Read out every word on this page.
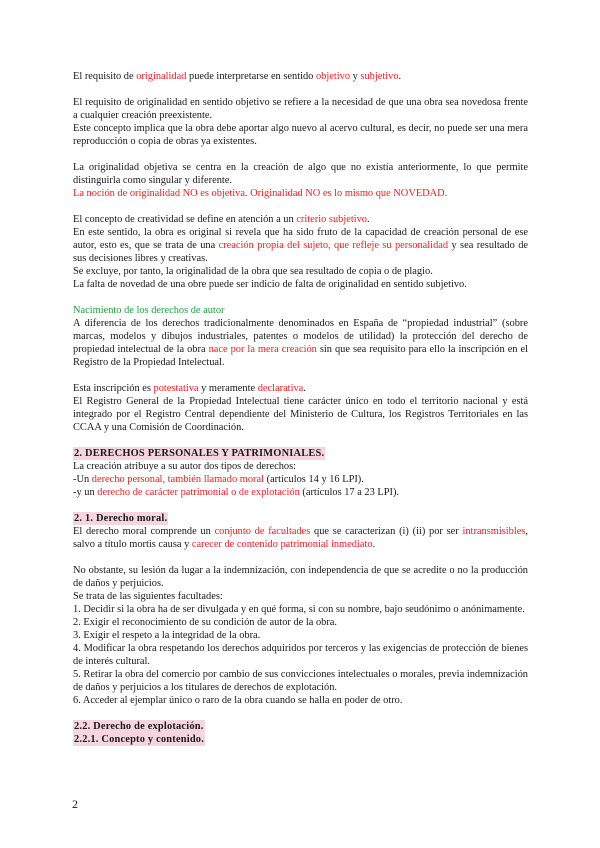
El requisito de originalidad puede interpretarse en sentido objetivo y subjetivo.

El requisito de originalidad en sentido objetivo se refiere a la necesidad de que una obra sea novedosa frente a cualquier creación preexistente.

Este concepto implica que la obra debe aportar algo nuevo al acervo cultural, es decir, no puede ser una mera reproducción o copia de obras ya existentes.

La originalidad objetiva se centra en la creación de algo que no existía anteriormente, lo que permite distinguirla como singular y diferente.

La noción de originalidad NO es objetiva. Originalidad NO es lo mismo que NOVEDAD.

El concepto de creatividad se define en atención a un criterio subjetivo.

En este sentido, la obra es original si revela que ha sido fruto de la capacidad de creación personal de ese autor, esto es, que se trata de una creación propia del sujeto, que refleje su personalidad y sea resultado de sus decisiones libres y creativas.

Se excluye, por tanto, la originalidad de la obra que sea resultado de copia o de plagio.

La falta de novedad de una obre puede ser indicio de falta de originalidad en sentido subjetivo.

Nacimiento de los derechos de autor

A diferencia de los derechos tradicionalmente denominados en España de “propiedad industrial” (sobre marcas, modelos y dibujos industriales, patentes o modelos de utilidad) la protección del derecho de propiedad intelectual de la obra nace por la mera creación sin que sea requisito para ello la inscripción en el Registro de la Propiedad Intelectual.

Esta inscripción es potestativa y meramente declarativa.

El Registro General de la Propiedad Intelectual tiene carácter único en todo el territorio nacional y está integrado por el Registro Central dependiente del Ministerio de Cultura, los Registros Territoriales en las CCAA y una Comisión de Coordinación.

2. DERECHOS PERSONALES Y PATRIMONIALES.

La creación atribuye a su autor dos tipos de derechos:

-Un derecho personal, también llamado moral (artículos 14 y 16 LPI).

-y un derecho de carácter patrimonial o de explotación (artículos 17 a 23 LPI).

2. 1. Derecho moral.

El derecho moral comprende un conjunto de facultades que se caracterizan (i) (ii) por ser intransmisibles, salvo a título mortis causa y carecer de contenido patrimonial inmediato.

No obstante, su lesión da lugar a la indemnización, con independencia de que se acredite o no la producción de daños y perjuicios.

Se trata de las siguientes facultades:

1. Decidir si la obra ha de ser divulgada y en qué forma, si con su nombre, bajo seudónimo o anónimamente.

2. Exigir el reconocimiento de su condición de autor de la obra.

3. Exigir el respeto a la integridad de la obra.

4. Modificar la obra respetando los derechos adquiridos por terceros y las exigencias de protección de bienes de interés cultural.

5. Retirar la obra del comercio por cambio de sus convicciones intelectuales o morales, previa indemnización de daños y perjuicios a los titulares de derechos de explotación.

6. Acceder al ejemplar único o raro de la obra cuando se halla en poder de otro.

2.2. Derecho de explotación.
2.2.1. Concepto y contenido.
2
